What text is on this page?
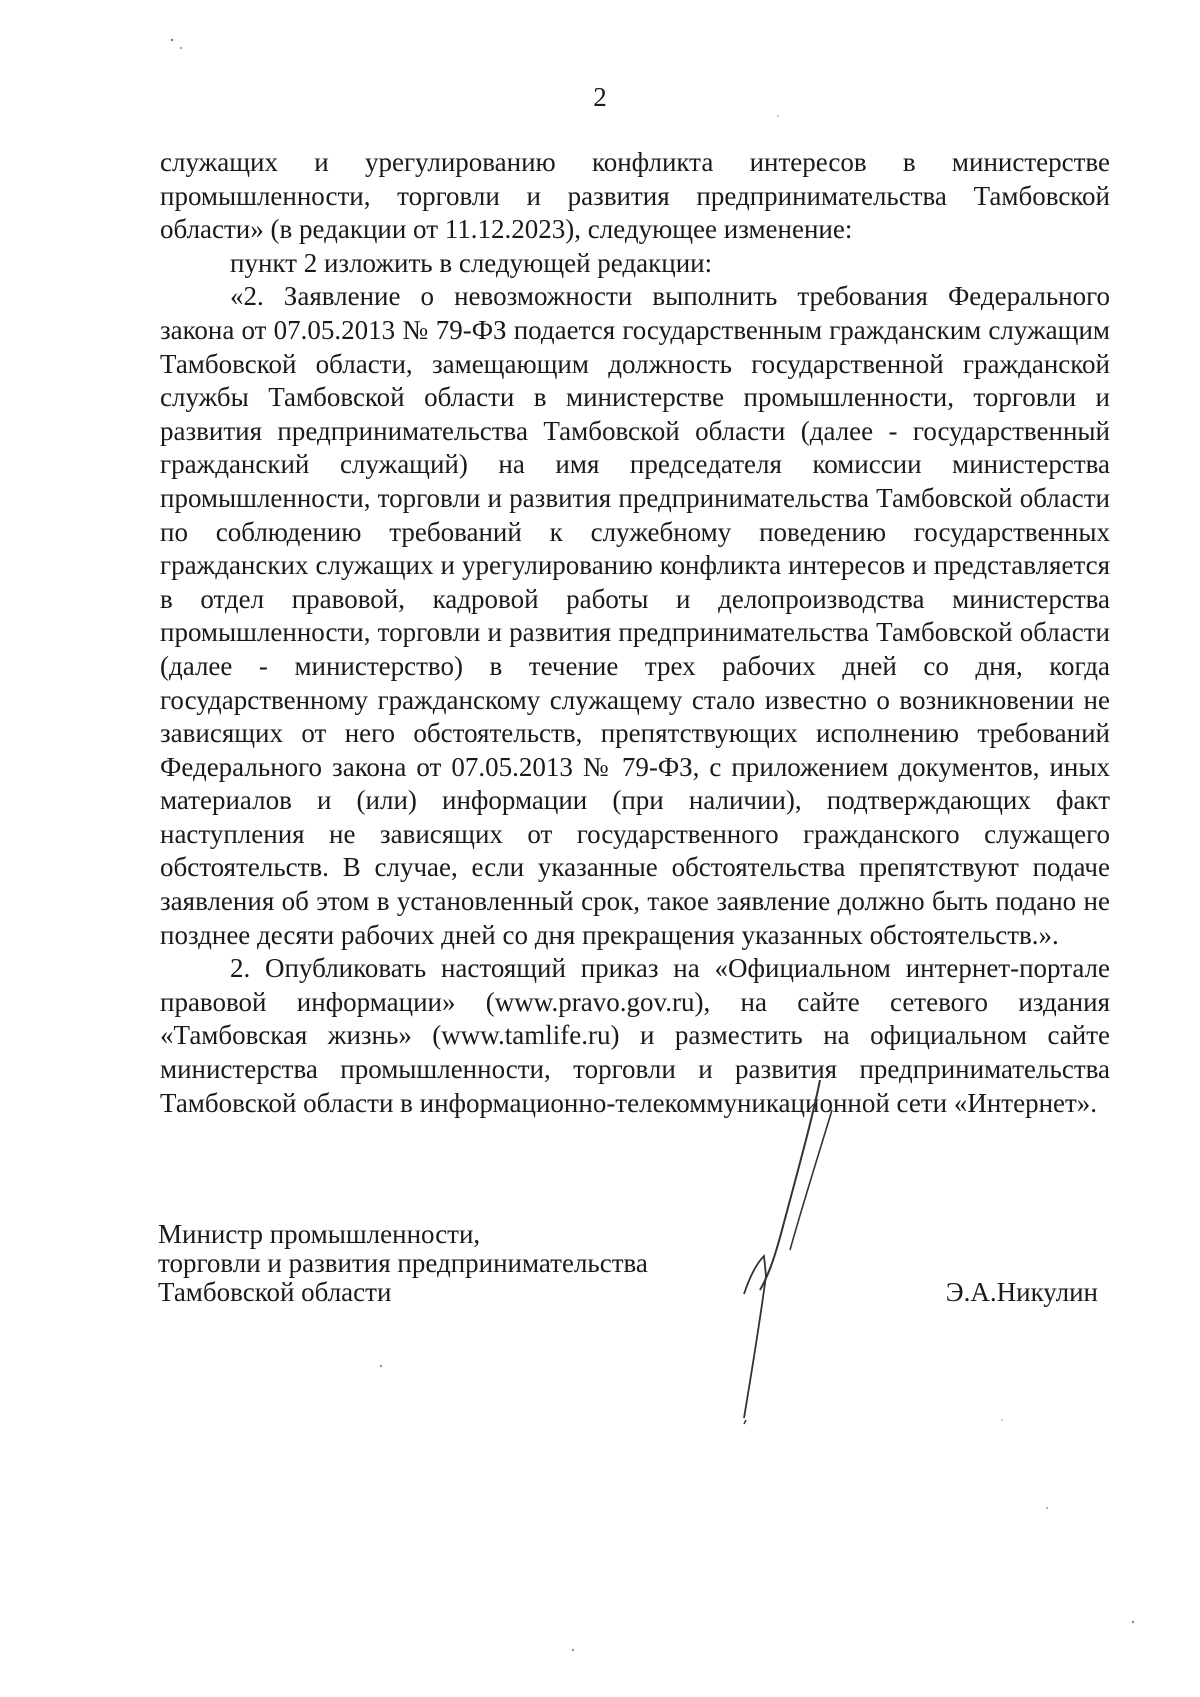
2

служащих и урегулированию конфликта интересов в министерстве промышленности, торговли и развития предпринимательства Тамбовской области» (в редакции от 11.12.2023), следующее изменение:

пункт 2 изложить в следующей редакции:

«2. Заявление о невозможности выполнить требования Федерального закона от 07.05.2013 № 79-ФЗ подается государственным гражданским служащим Тамбовской области, замещающим должность государственной гражданской службы Тамбовской области в министерстве промышленности, торговли и развития предпринимательства Тамбовской области (далее - государственный гражданский служащий) на имя председателя комиссии министерства промышленности, торговли и развития предпринимательства Тамбовской области по соблюдению требований к служебному поведению государственных гражданских служащих и урегулированию конфликта интересов и представляется в отдел правовой, кадровой работы и делопроизводства министерства промышленности, торговли и развития предпринимательства Тамбовской области (далее - министерство) в течение трех рабочих дней со дня, когда государственному гражданскому служащему стало известно о возникновении не зависящих от него обстоятельств, препятствующих исполнению требований Федерального закона от 07.05.2013 № 79-ФЗ, с приложением документов, иных материалов и (или) информации (при наличии), подтверждающих факт наступления не зависящих от государственного гражданского служащего обстоятельств. В случае, если указанные обстоятельства препятствуют подаче заявления об этом в установленный срок, такое заявление должно быть подано не позднее десяти рабочих дней со дня прекращения указанных обстоятельств.».

2. Опубликовать настоящий приказ на «Официальном интернет-портале правовой информации» (www.pravo.gov.ru), на сайте сетевого издания «Тамбовская жизнь» (www.tamlife.ru) и разместить на официальном сайте министерства промышленности, торговли и развития предпринимательства Тамбовской области в информационно-телекоммуникационной сети «Интернет».

Министр промышленности,
торговли и развития предпринимательства
Тамбовской области	Э.А.Никулин
